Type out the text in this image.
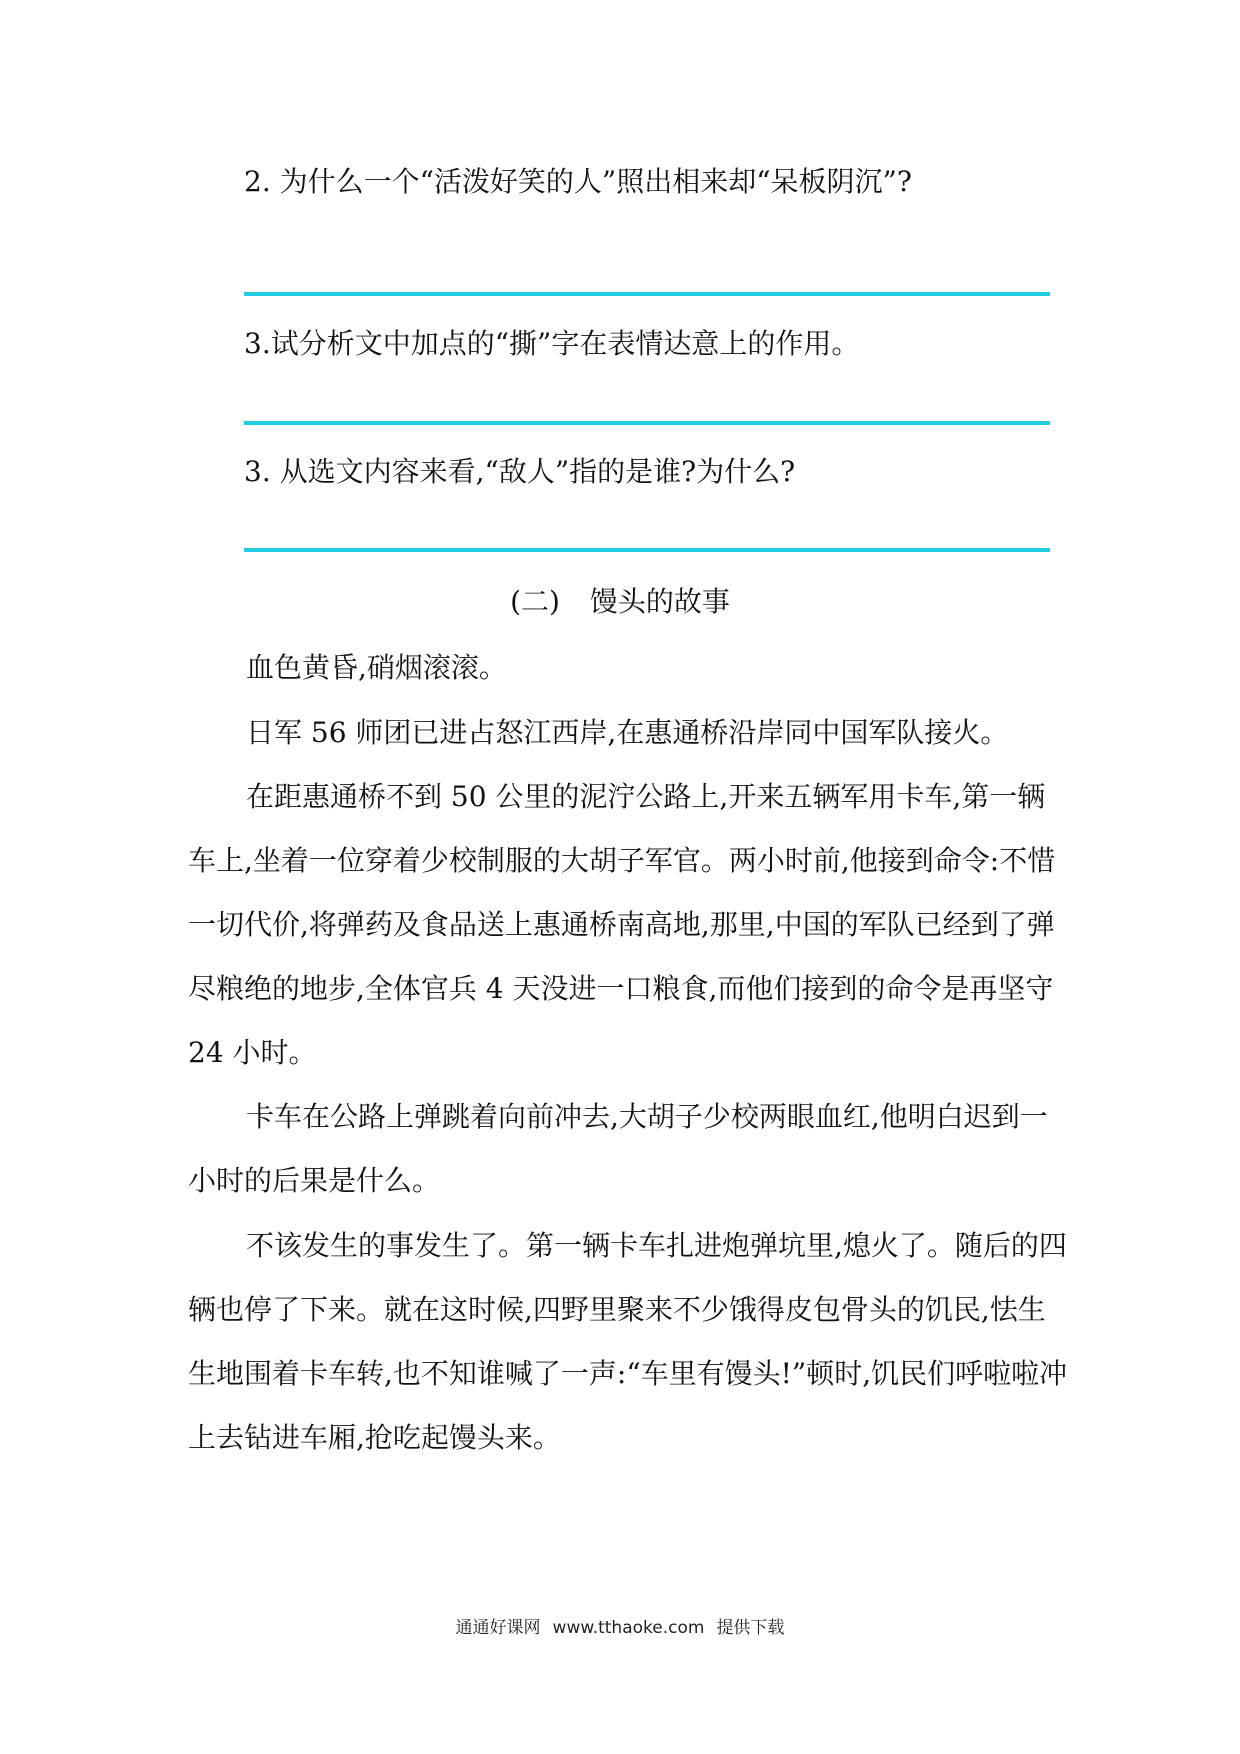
2. 为什么一个“活泼好笑的人”照出相来却“呆板阴沉”?
3.试分析文中加点的“撕”字在表情达意上的作用。
3. 从选文内容来看,“敌人”指的是谁?为什么?
(二) 馒头的故事
血色黄昏,硝烟滚滚。
日军 56 师团已进占怒江西岸,在惠通桥沿岸同中国军队接火。
在距惠通桥不到 50 公里的泥泞公路上,开来五辆军用卡车,第一辆车上,坐着一位穿着少校制服的大胡子军官。两小时前,他接到命令:不惜一切代价,将弹药及食品送上惠通桥南高地,那里,中国的军队已经到了弹尽粮绝的地步,全体官兵 4 天没进一口粮食,而他们接到的命令是再坚守 24 小时。
卡车在公路上弹跳着向前冲去,大胡子少校两眼血红,他明白迟到一小时的后果是什么。
不该发生的事发生了。第一辆卡车扎进炮弹坑里,熄火了。随后的四辆也停了下来。就在这时候,四野里聚来不少饿得皮包骨头的饥民,怯生生地围着卡车转,也不知谁喊了一声:“车里有馒头!”顿时,饥民们呼啦啦冲上去钻进车厢,抢吃起馒头来。
通通好课网 www.tthaoke.com 提供下载
